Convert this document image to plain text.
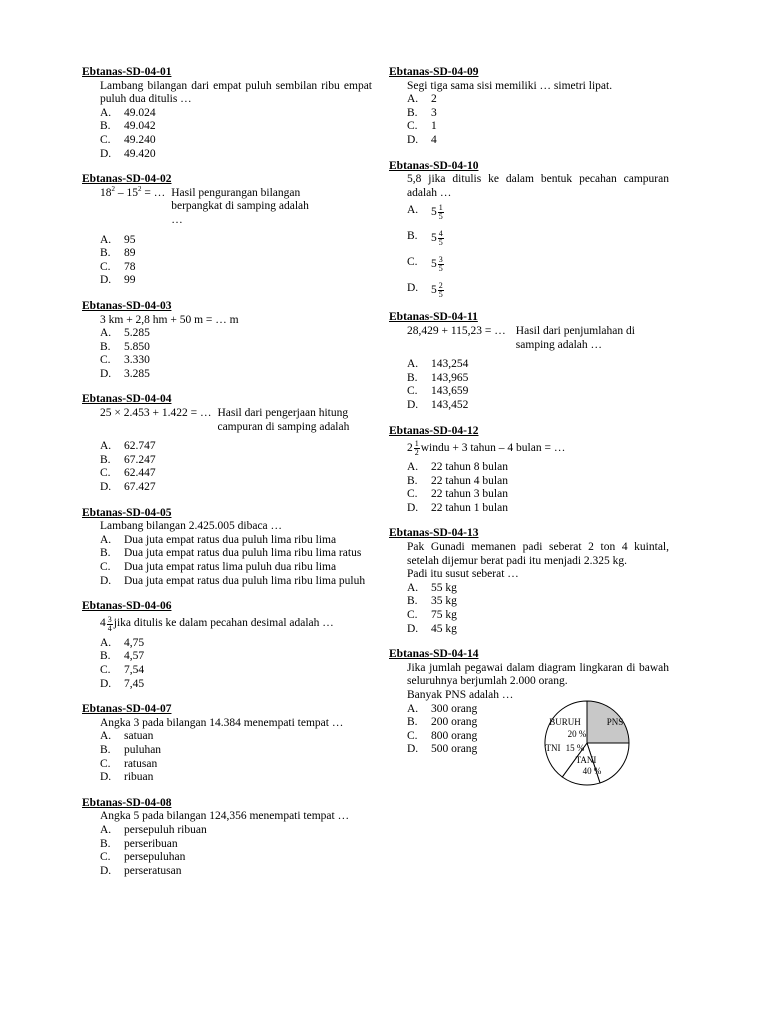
Ebtanas-SD-04-01
Lambang bilangan dari empat puluh sembilan ribu empat puluh dua ditulis …
A.	49.024
B.	49.042
C.	49.240
D.	49.420
Ebtanas-SD-04-02
$18^2 - 15^2$ = … Hasil pengurangan bilangan berpangkat di samping adalah …
A.	95
B.	89
C.	78
D.	99
Ebtanas-SD-04-03
3 km + 2,8 hm + 50 m = … m
A.	5.285
B.	5.850
C.	3.330
D.	3.285
Ebtanas-SD-04-04
25 × 2.453 + 1.422 = … Hasil dari pengerjaan hitung campuran di samping adalah
A.	62.747
B.	67.247
C.	62.447
D.	67.427
Ebtanas-SD-04-05
Lambang bilangan 2.425.005 dibaca …
A.	Dua juta empat ratus dua puluh lima ribu lima
B.	Dua juta empat ratus dua puluh lima ribu lima ratus
C.	Dua juta empat ratus lima puluh dua ribu lima
D.	Dua juta empat ratus dua puluh lima ribu lima puluh
Ebtanas-SD-04-06
$4 \frac{3}{4}$ jika ditulis ke dalam pecahan desimal adalah …
A.	4,75
B.	4,57
C.	7,54
D.	7,45
Ebtanas-SD-04-07
Angka 3 pada bilangan 14.384 menempati tempat …
A.	satuan
B.	puluhan
C.	ratusan
D.	ribuan
Ebtanas-SD-04-08
Angka 5 pada bilangan 124,356 menempati tempat …
A.	persepuluh ribuan
B.	perseribuan
C.	persepuluhan
D.	perseratusan
Ebtanas-SD-04-09
Segi tiga sama sisi memiliki … simetri lipat.
A.	2
B.	3
C.	1
D.	4
Ebtanas-SD-04-10
5,8 jika ditulis ke dalam bentuk pecahan campuran adalah …
A.	$5 \frac{1}{5}$
B.	$5 \frac{4}{5}$
C.	$5 \frac{3}{5}$
D.	$5 \frac{2}{5}$
Ebtanas-SD-04-11
28,429 + 115,23 = … Hasil dari penjumlahan di samping adalah …
A.	143,254
B.	143,965
C.	143,659
D.	143,452
Ebtanas-SD-04-12
$2 \frac{1}{2}$ windu + 3 tahun – 4 bulan = …
A.	22 tahun 8 bulan
B.	22 tahun 4 bulan
C.	22 tahun 3 bulan
D.	22 tahun 1 bulan
Ebtanas-SD-04-13
Pak Gunadi memanen padi seberat 2 ton 4 kuintal, setelah dijemur berat padi itu menjadi 2.325 kg.
Padi itu susut seberat …
A.	55 kg
B.	35 kg
C.	75 kg
D.	45 kg
Ebtanas-SD-04-14
Jika jumlah pegawai dalam diagram lingkaran di bawah seluruhnya berjumlah 2.000 orang.
Banyak PNS adalah …
A.	300 orang
B.	200 orang
C.	800 orang
D.	500 orang
PNS
BURUH
20 %
TNI 15 %
TANI
40 %
